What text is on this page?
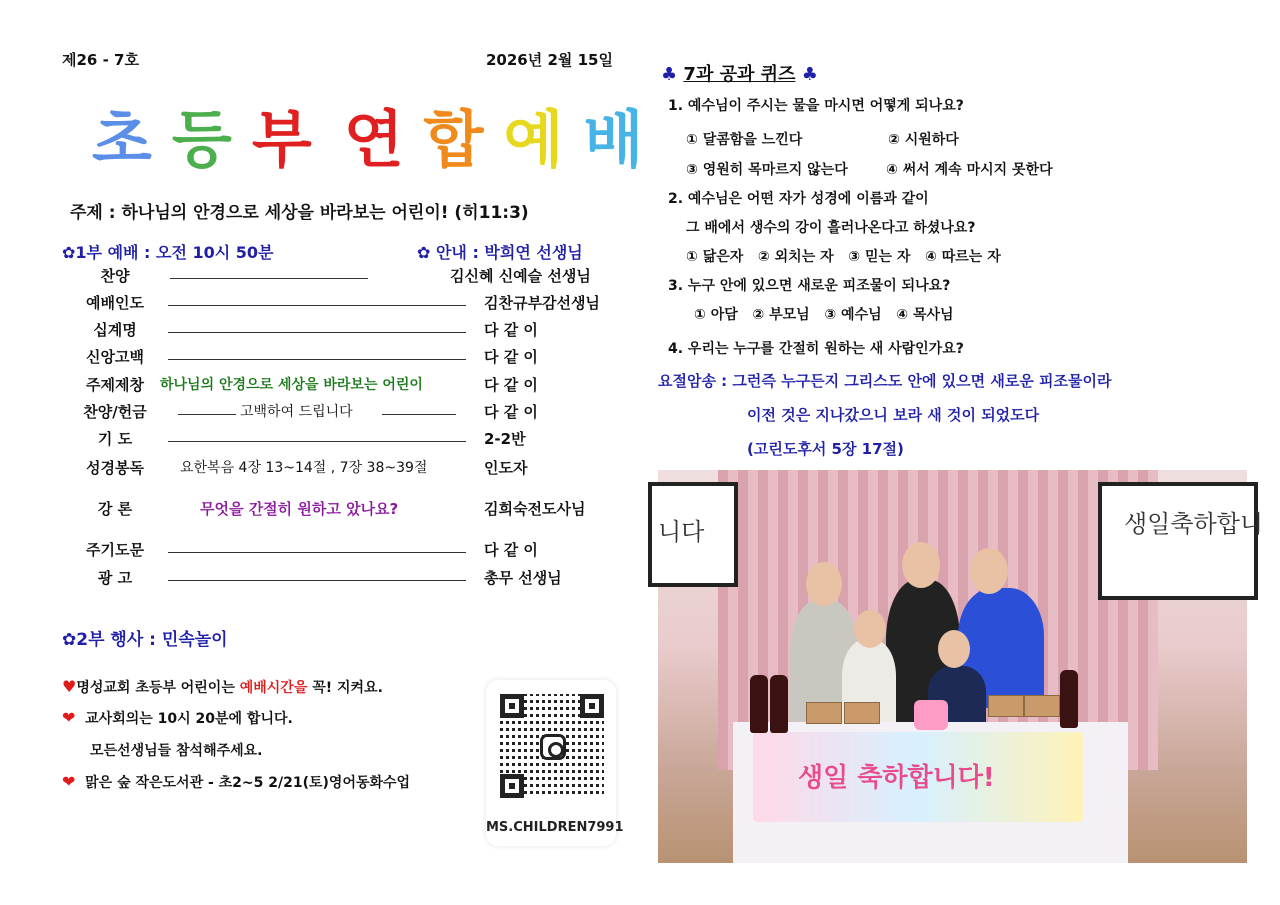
제26 - 7호	2026년 2월 15일
초 등 부 연 합 예 배
주제 : 하나님의 안경으로 세상을 바라보는 어린이! (히11:3)
✿1부 예배 : 오전 10시 50분	✿ 안내 : 박희연 선생님
찬양	김신혜 신예슬 선생님
예배인도	김찬규부감선생님
십계명	다 같 이
신앙고백	다 같 이
주제제창	하나님의 안경으로 세상을 바라보는 어린이	다 같 이
찬양/헌금	고백하여 드립니다	다 같 이
기 도	2-2반
성경봉독	요한복음 4장 13~14절 , 7장 38~39절	인도자
강 론	무엇을 간절히 원하고 았나요?	김희숙전도사님
주기도문	다 같 이
광 고	총무 선생님
✿2부 행사 : 민속놀이
♥명성교회 초등부 어린이는 예배시간을 꼭! 지켜요.
❤ 교사회의는 10시 20분에 합니다.
모든선생님들 참석해주세요.
❤ 맑은 숲 작은도서관 - 초2~5 2/21(토)영어동화수업
MS.CHILDREN7991
♣ 7과 공과 퀴즈 ♣
1. 예수님이 주시는 물을 마시면 어떻게 되나요?
① 달콤함을 느낀다	② 시원하다
③ 영원히 목마르지 않는다	④ 써서 계속 마시지 못한다
2. 예수님은 어떤 자가 성경에 이름과 같이
그 배에서 생수의 강이 흘러나온다고 하셨나요?
① 닮은자   ② 외치는 자   ③ 믿는 자   ④ 따르는 자
3. 누구 안에 있으면 새로운 피조물이 되나요?
① 아담   ② 부모님   ③ 예수님   ④ 목사님
4. 우리는 누구를 간절히 원하는 새 사람인가요?
요절암송 : 그런즉 누구든지 그리스도 안에 있으면 새로운 피조물이라
이전 것은 지나갔으니 보라 새 것이 되었도다
(고린도후서 5장 17절)
니다	생일축하합니
생일 축하합니다!
